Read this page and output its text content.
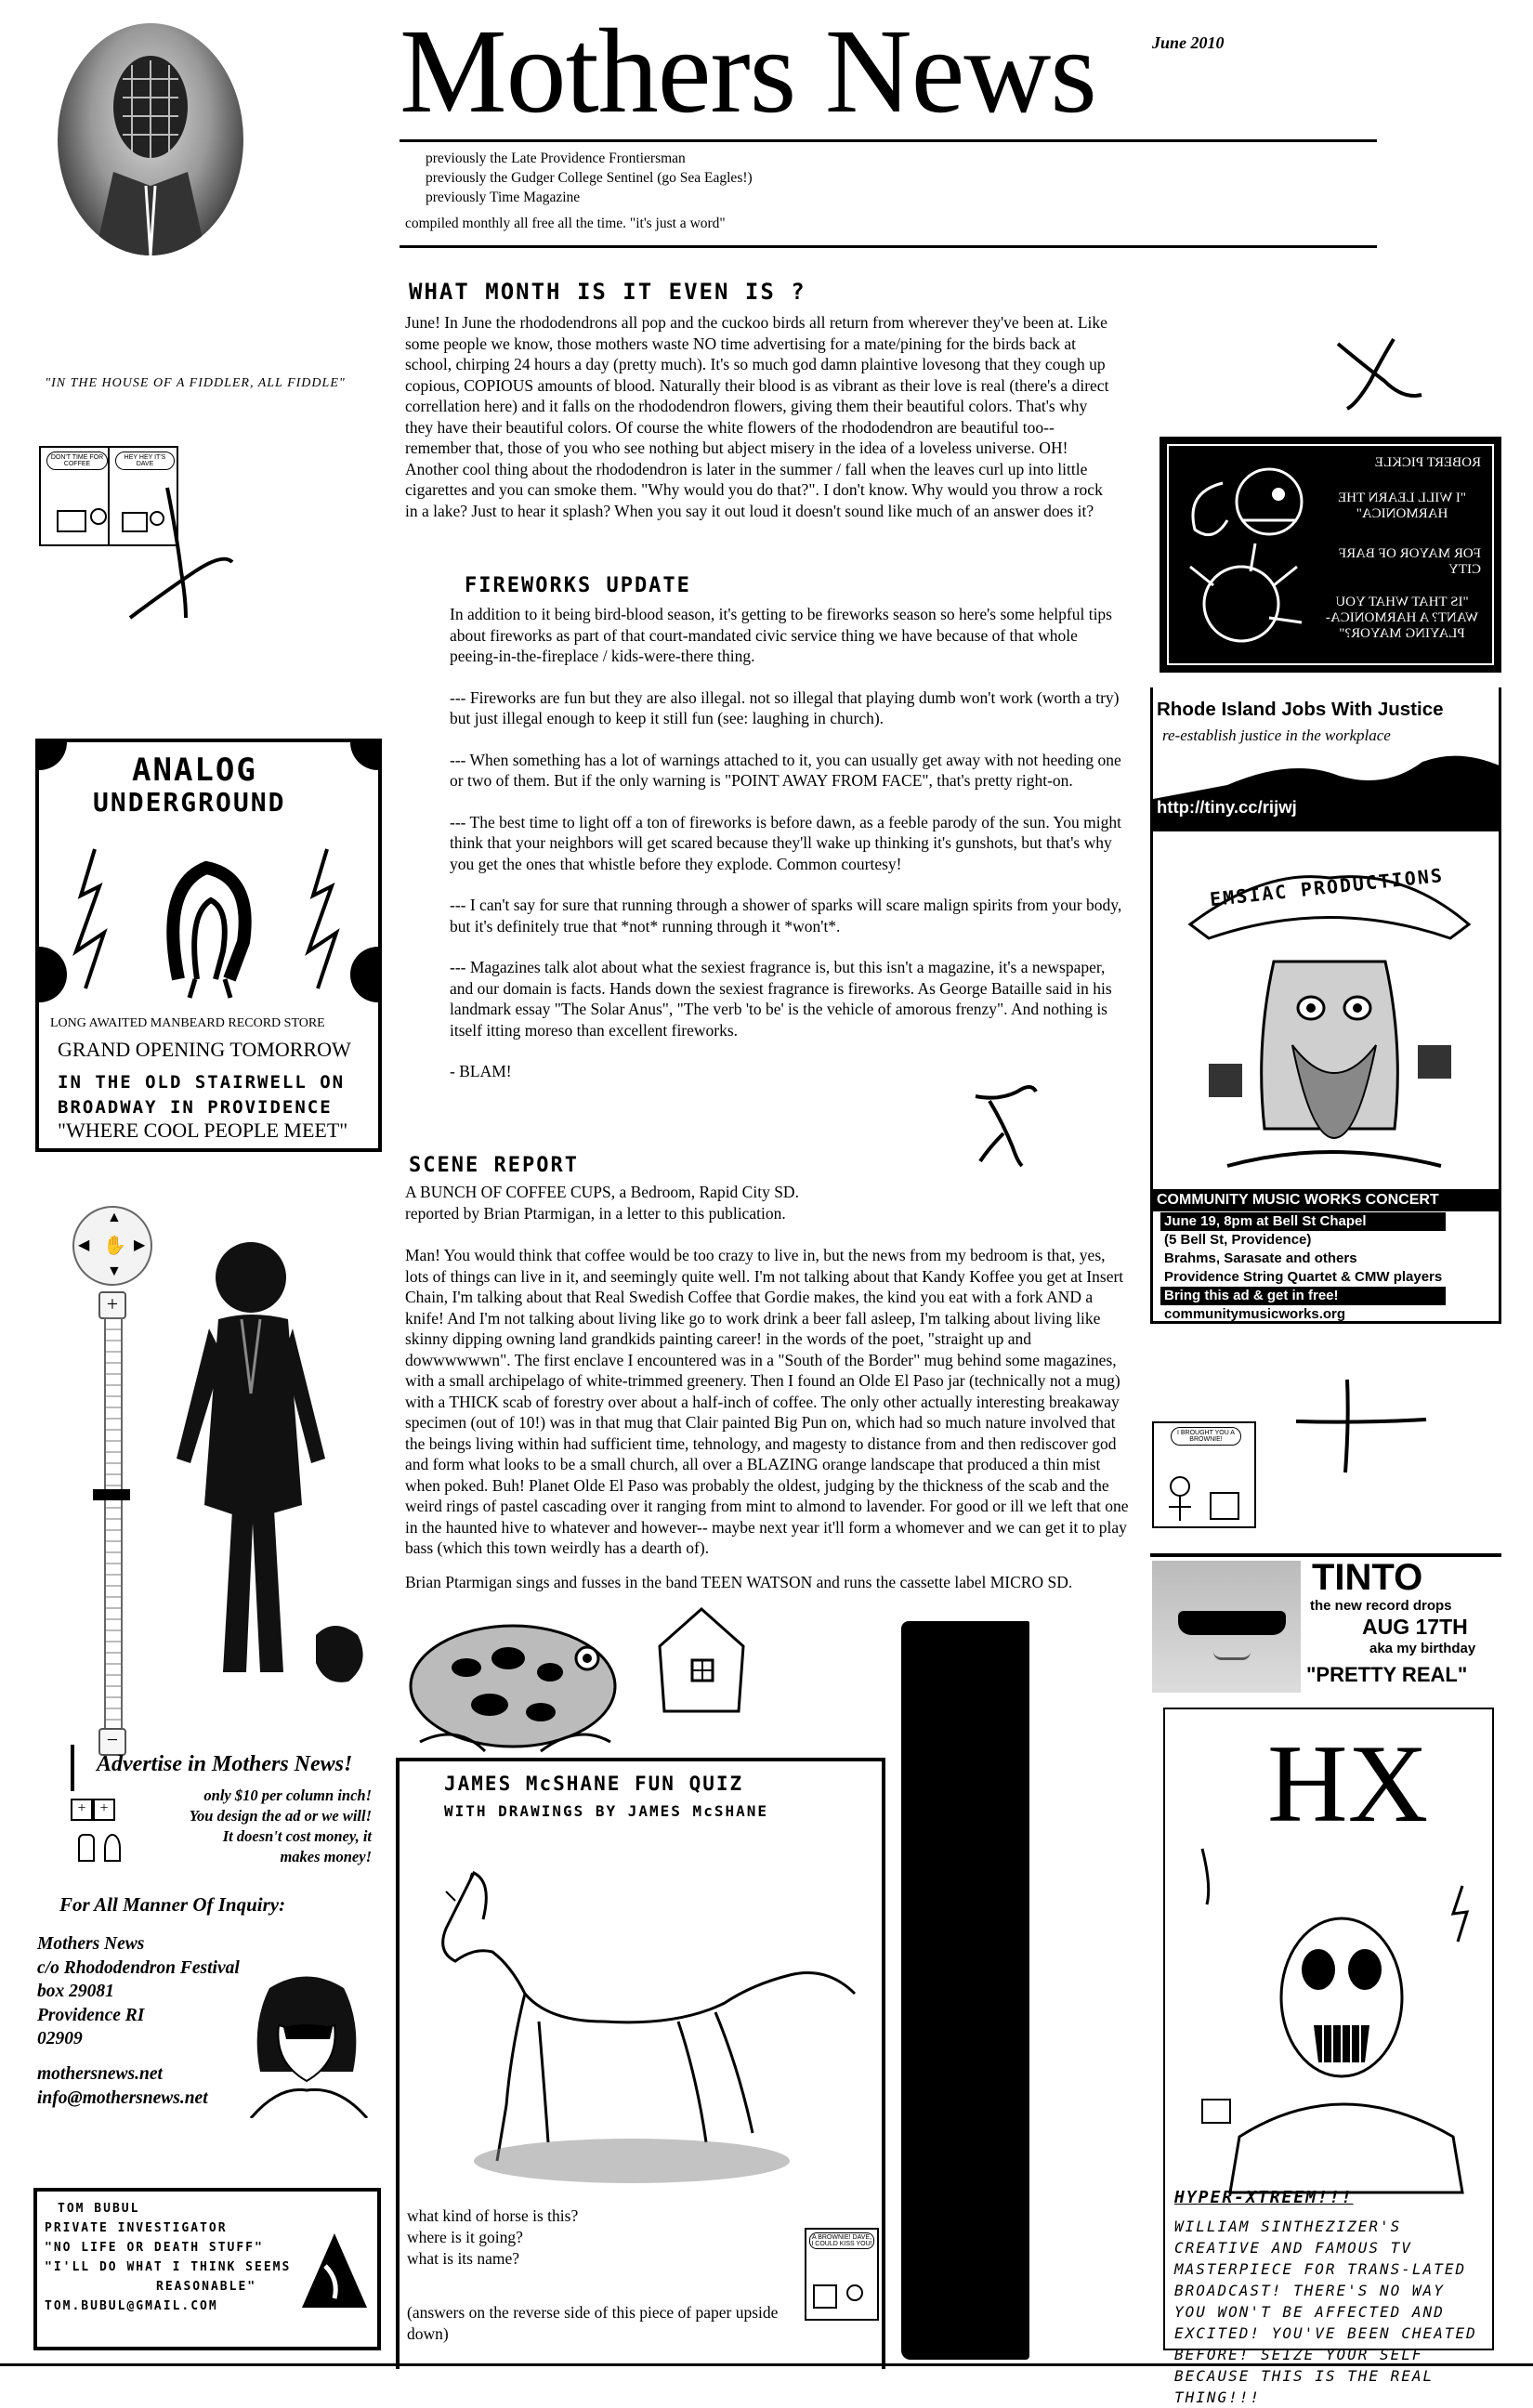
"IN THE HOUSE OF A FIDDLER, ALL FIDDLE"
Mothers News	June 2010
previously the Late Providence Frontiersman
previously the Gudger College Sentinel (go Sea Eagles!)
previously Time Magazine
compiled monthly all free all the time. "it's just a word"
WHAT MONTH IS IT EVEN IS ?
June! In June the rhododendrons all pop and the cuckoo birds all return from wherever they've been at. Like some people we know, those mothers waste NO time advertising for a mate/pining for the birds back at school, chirping 24 hours a day (pretty much). It's so much god damn plaintive lovesong that they cough up copious, COPIOUS amounts of blood. Naturally their blood is as vibrant as their love is real (there's a direct correllation here) and it falls on the rhododendron flowers, giving them their beautiful colors. That's why they have their beautiful colors. Of course the white flowers of the rhododendron are beautiful too-- remember that, those of you who see nothing but abject misery in the idea of a loveless universe. OH! Another cool thing about the rhododendron is later in the summer / fall when the leaves curl up into little cigarettes and you can smoke them. "Why would you do that?". I don't know. Why would you throw a rock in a lake? Just to hear it splash? When you say it out loud it doesn't sound like much of an answer does it?
FIREWORKS UPDATE

In addition to it being bird-blood season, it's getting to be fireworks season so here's some helpful tips about fireworks as part of that court-mandated civic service thing we have because of that whole peeing-in-the-fireplace / kids-were-there thing.

--- Fireworks are fun but they are also illegal. not so illegal that playing dumb won't work (worth a try) but just illegal enough to keep it still fun (see: laughing in church).

--- When something has a lot of warnings attached to it, you can usually get away with not heeding one or two of them. But if the only warning is "POINT AWAY FROM FACE", that's pretty right-on.

--- The best time to light off a ton of fireworks is before dawn, as a feeble parody of the sun. You might think that your neighbors will get scared because they'll wake up thinking it's gunshots, but that's why you get the ones that whistle before they explode. Common courtesy!

--- I can't say for sure that running through a shower of sparks will scare malign spirits from your body, but it's definitely true that *not* running through it *won't*.

--- Magazines talk alot about what the sexiest fragrance is, but this isn't a magazine, it's a newspaper, and our domain is facts. Hands down the sexiest fragrance is fireworks. As George Bataille said in his landmark essay "The Solar Anus", "The verb 'to be' is the vehicle of amorous frenzy". And nothing is itself itting moreso than excellent fireworks.

- BLAM!

SCENE REPORT
A BUNCH OF COFFEE CUPS, a Bedroom, Rapid City SD.
reported by Brian Ptarmigan, in a letter to this publication.
Man! You would think that coffee would be too crazy to live in, but the news from my bedroom is that, yes, lots of things can live in it, and seemingly quite well. I'm not talking about that Kandy Koffee you get at Insert Chain, I'm talking about that Real Swedish Coffee that Gordie makes, the kind you eat with a fork AND a knife! And I'm not talking about living like go to work drink a beer fall asleep, I'm talking about living like skinny dipping owning land grandkids painting career! in the words of the poet, "straight up and dowwwwwwn". The first enclave I encountered was in a "South of the Border" mug behind some magazines, with a small archipelago of white-trimmed greenery. Then I found an Olde El Paso jar (technically not a mug) with a THICK scab of forestry over about a half-inch of coffee. The only other actually interesting breakaway specimen (out of 10!) was in that mug that Clair painted Big Pun on, which had so much nature involved that the beings living within had sufficient time, tehnology, and magesty to distance from and then rediscover god and form what looks to be a small church, all over a BLAZING orange landscape that produced a thin mist when poked. Buh! Planet Olde El Paso was probably the oldest, judging by the thickness of the scab and the weird rings of pastel cascading over it ranging from mint to almond to lavender. For good or ill we left that one in the haunted hive to whatever and however-- maybe next year it'll form a whomever and we can get it to play bass (which this town weirdly has a dearth of).
Brian Ptarmigan sings and fusses in the band TEEN WATSON and runs the cassette label MICRO SD.
DON'T TIME FOR COFFEE
HEY HEY IT'S DAVE
ANALOG
UNDERGROUND
LONG AWAITED MANBEARD RECORD STORE
GRAND OPENING TOMORROW
IN THE OLD STAIRWELL ON
BROADWAY IN PROVIDENCE
"WHERE COOL PEOPLE MEET"
▲
▼
◀	▶
✋
+
−
Advertise in Mothers News!
only $10 per column inch!
You design the ad or we will!
It doesn't cost money, it
makes money!
+ +
For All Manner Of Inquiry:
Mothers News
c/o Rhododendron Festival
box 29081
Providence RI
02909
mothersnews.net
info@mothersnews.net
TOM BUBUL
PRIVATE INVESTIGATOR
"NO LIFE OR DEATH STUFF"
"I'LL DO WHAT I THINK SEEMS
REASONABLE"
TOM.BUBUL@GMAIL.COM
ROBERT PICKLE
"I WILL LEARN THE HARMONICA"
FOR MAYOR OF BARF CITY
"IS THAT WHAT YOU WANT? A HARMONICA-PLAYING MAYOR?"
Rhode Island Jobs With Justice
re-establish justice in the workplace
http://tiny.cc/rijwj
EMSIAC PRODUCTIONS
COMMUNITY MUSIC WORKS CONCERT
June 19, 8pm at Bell St Chapel
(5 Bell St, Providence)
Brahms, Sarasate and others
Providence String Quartet & CMW players
Bring this ad & get in free!
communitymusicworks.org
I BROUGHT YOU A BROWNIE!
TINTO
the new record drops
AUG 17TH
aka my birthday
"PRETTY REAL"
HX
HYPER-XTREEM!!!
WILLIAM SINTHEZIZER'S CREATIVE AND FAMOUS TV MASTERPIECE FOR TRANS-LATED BROADCAST! THERE'S NO WAY YOU WON'T BE AFFECTED AND EXCITED! YOU'VE BEEN CHEATED BEFORE! SEIZE YOUR SELF BECAUSE THIS IS THE REAL THING!!!
JAMES McSHANE FUN QUIZ
WITH DRAWINGS BY JAMES McSHANE
what kind of horse is this?
where is it going?
what is its name?
(answers on the reverse side of this piece of paper upside down)
A BROWNIE! DAVE, I COULD KISS YOU!
